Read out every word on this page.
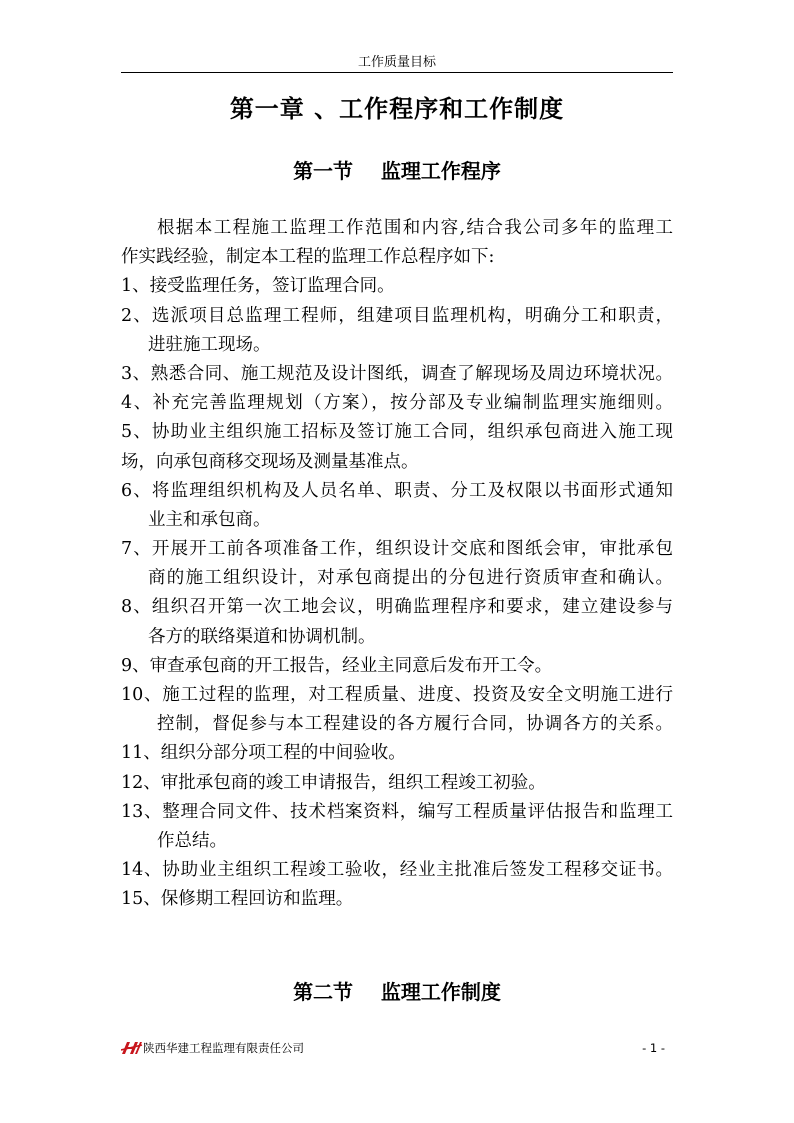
工作质量目标
第一章 、工作程序和工作制度
第一节    监理工作程序
根据本工程施工监理工作范围和内容,结合我公司多年的监理工
作实践经验，制定本工程的监理工作总程序如下:
1、接受监理任务，签订监理合同。
2、选派项目总监理工程师，组建项目监理机构，明确分工和职责，
进驻施工现场。
3、熟悉合同、施工规范及设计图纸，调查了解现场及周边环境状况。
4、补充完善监理规划（方案），按分部及专业编制监理实施细则。
5、协助业主组织施工招标及签订施工合同，组织承包商进入施工现
场，向承包商移交现场及测量基准点。
6、将监理组织机构及人员名单、职责、分工及权限以书面形式通知
业主和承包商。
7、开展开工前各项准备工作，组织设计交底和图纸会审，审批承包
商的施工组织设计，对承包商提出的分包进行资质审查和确认。
8、组织召开第一次工地会议，明确监理程序和要求，建立建设参与
各方的联络渠道和协调机制。
9、审查承包商的开工报告，经业主同意后发布开工令。
10、施工过程的监理，对工程质量、进度、投资及安全文明施工进行
控制，督促参与本工程建设的各方履行合同，协调各方的关系。
11、组织分部分项工程的中间验收。
12、审批承包商的竣工申请报告，组织工程竣工初验。
13、整理合同文件、技术档案资料，编写工程质量评估报告和监理工
作总结。
14、协助业主组织工程竣工验收，经业主批准后签发工程移交证书。
15、保修期工程回访和监理。
第二节    监理工作制度
陕西华建工程监理有限责任公司	- 1 -
